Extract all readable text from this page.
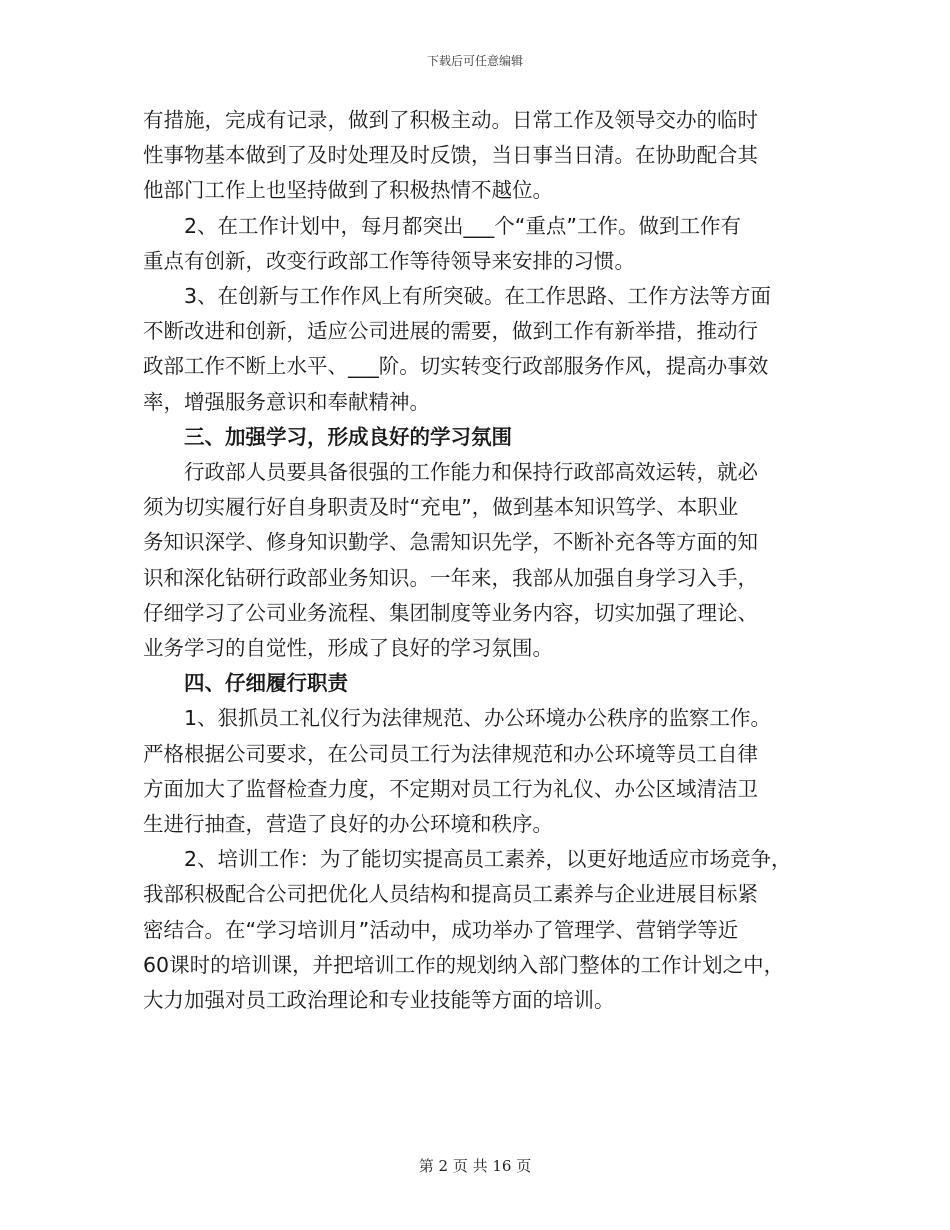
下载后可任意编辑
有措施，完成有记录，做到了积极主动。日常工作及领导交办的临时
性事物基本做到了及时处理及时反馈，当日事当日清。在协助配合其
他部门工作上也坚持做到了积极热情不越位。
2、在工作计划中，每月都突出___个“重点”工作。做到工作有
重点有创新，改变行政部工作等待领导来安排的习惯。
3、在创新与工作作风上有所突破。在工作思路、工作方法等方面
不断改进和创新，适应公司进展的需要，做到工作有新举措，推动行
政部工作不断上水平、___阶。切实转变行政部服务作风，提高办事效
率，增强服务意识和奉献精神。
三、加强学习，形成良好的学习氛围
行政部人员要具备很强的工作能力和保持行政部高效运转，就必
须为切实履行好自身职责及时“充电”，做到基本知识笃学、本职业
务知识深学、修身知识勤学、急需知识先学，不断补充各等方面的知
识和深化钻研行政部业务知识。一年来，我部从加强自身学习入手，
仔细学习了公司业务流程、集团制度等业务内容，切实加强了理论、
业务学习的自觉性，形成了良好的学习氛围。
四、仔细履行职责
1、狠抓员工礼仪行为法律规范、办公环境办公秩序的监察工作。
严格根据公司要求，在公司员工行为法律规范和办公环境等员工自律
方面加大了监督检查力度，不定期对员工行为礼仪、办公区域清洁卫
生进行抽查，营造了良好的办公环境和秩序。
2、培训工作：为了能切实提高员工素养，以更好地适应市场竞争，
我部积极配合公司把优化人员结构和提高员工素养与企业进展目标紧
密结合。在“学习培训月”活动中，成功举办了管理学、营销学等近
60课时的培训课，并把培训工作的规划纳入部门整体的工作计划之中，
大力加强对员工政治理论和专业技能等方面的培训。
第 2 页 共 16 页
